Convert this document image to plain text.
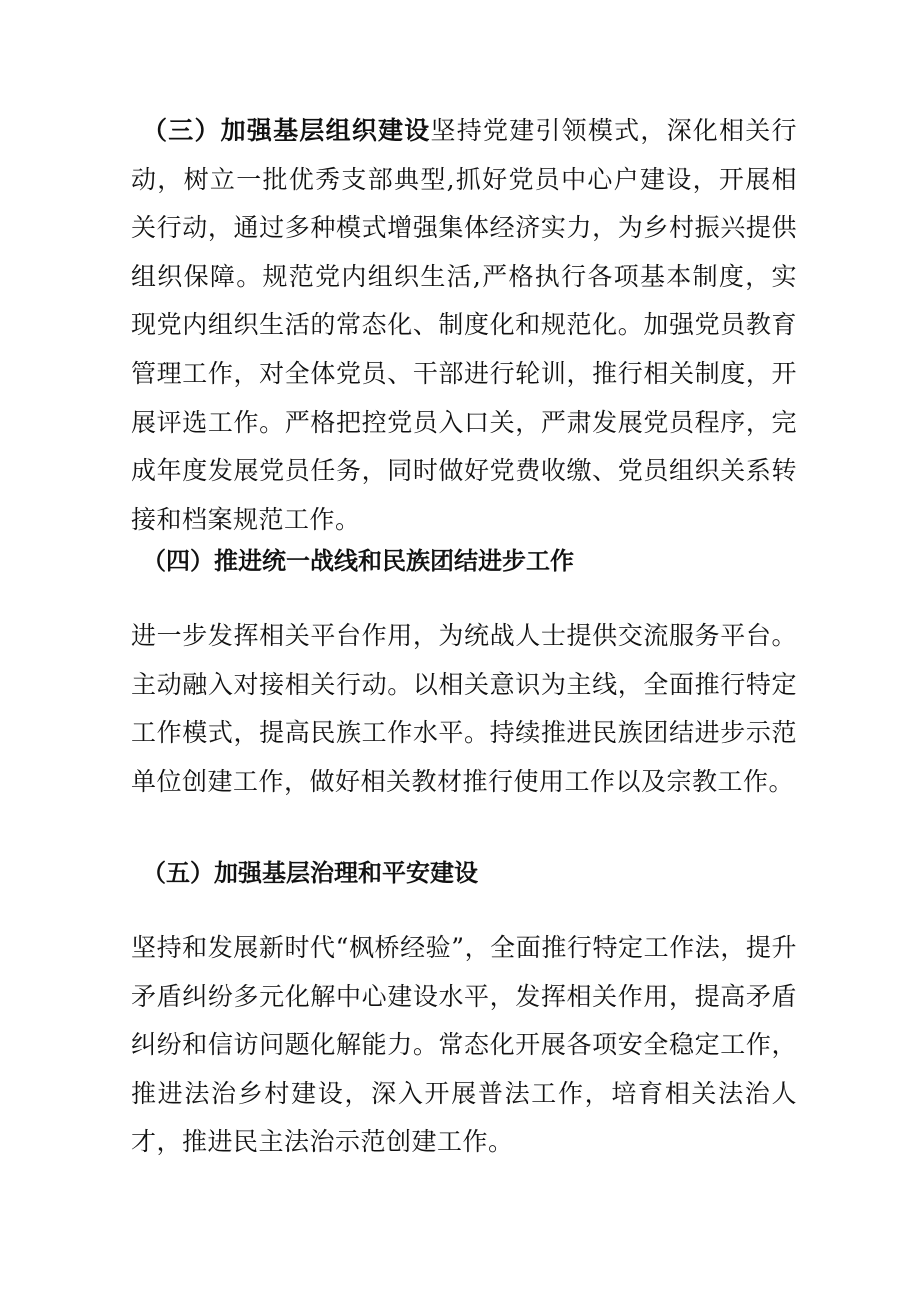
（三）加强基层组织建设坚持党建引领模式，深化相关行动，树立一批优秀支部典型,抓好党员中心户建设，开展相关行动，通过多种模式增强集体经济实力，为乡村振兴提供组织保障。规范党内组织生活,严格执行各项基本制度，实现党内组织生活的常态化、制度化和规范化。加强党员教育管理工作，对全体党员、干部进行轮训，推行相关制度，开展评选工作。严格把控党员入口关，严肃发展党员程序，完成年度发展党员任务，同时做好党费收缴、党员组织关系转接和档案规范工作。

（四）推进统一战线和民族团结进步工作

进一步发挥相关平台作用，为统战人士提供交流服务平台。主动融入对接相关行动。以相关意识为主线，全面推行特定工作模式，提高民族工作水平。持续推进民族团结进步示范单位创建工作，做好相关教材推行使用工作以及宗教工作。

（五）加强基层治理和平安建设

坚持和发展新时代“枫桥经验”，全面推行特定工作法，提升矛盾纠纷多元化解中心建设水平，发挥相关作用，提高矛盾纠纷和信访问题化解能力。常态化开展各项安全稳定工作，推进法治乡村建设，深入开展普法工作，培育相关法治人才，推进民主法治示范创建工作。
